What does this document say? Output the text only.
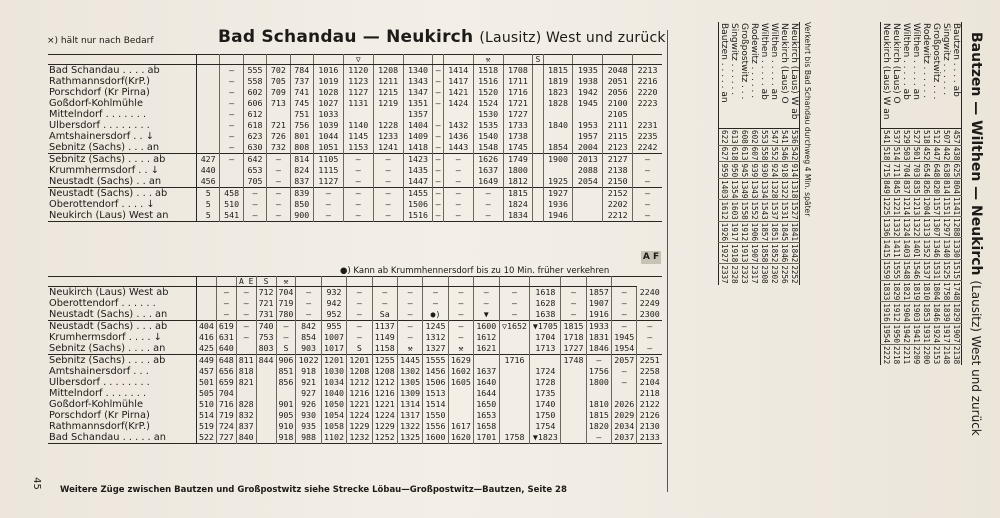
×) hält nur nach Bedarf	Bad Schandau — Neukirch (Lausitz) West und zurück
							▽					⚒		S				
Bad Schandau . . . . ab		—	555	702	784	1016	1120	1208	1340	—	1414	1518	1708		1815	1935	2048	2213
Rathmannsdorf(KrP.)		—	558	705	737	1019	1123	1211	1343	—	1417	1516	1711		1819	1938	2051	2216
Porschdorf (Kr Pirna)		—	602	709	741	1028	1127	1215	1347	—	1421	1520	1716		1823	1942	2056	2220
Goßdorf-Kohlmühle		—	606	713	745	1027	1131	1219	1351	—	1424	1524	1721		1828	1945	2100	2223
Mittelndorf . . . . . . .		—	612		751	1033			1357			1530	1727				2105	
Ulbersdorf . . . . . . . .		—	618	721	756	1039	1140	1228	1404	—	1432	1535	1733		1840	1953	2111	2231
Amtshainersdorf . . ↓		—	623	726	801	1044	1145	1233	1409	—	1436	1540	1738			1957	2115	2235
Sebnitz (Sachs) . . . an		—	630	732	808	1051	1153	1241	1418	—	1443	1548	1745		1854	2004	2123	2242
Sebnitz (Sachs) . . . . ab	427	—	642	—	814	1105	—	—	1423	—	—	1626	1749		1900	2013	2127	—
Krummhermsdorf . . ↓	440		653	—	824	1115	—	—	1435	—	—	1637	1800			2088	2138	—
Neustadt (Sachs) . . an	456		705	—	837	1127	—	—	1447	—	—	1649	1812		1925	2054	2150	—
Neustadt (Sachs) . . . ab	5	458	—	—	839	—	—	—	1455	—	—	—	1815		1927		2152	—
Oberottendorf . . . . ↓	5	510	—	—	850	—	—	—	1506	—	—	—	1824		1936		2202	—
Neukirch (Laus) West an	5	541	—	—	900	—	—	—	1516	—	—	—	1834		1946		2212	—
●) Kann ab Krummhennersdorf bis zu 10 Min. früher verkehren
A F
			A E	S	⚒														
Neukirch (Laus) West ab		—	—	712	704	—	932	—	—	—	—	—	—	—	1618	—	1857	—	2240
Oberottendorf . . . . . .		—	—	721	719	—	942	—	—	—	—	—	—	—	1628	—	1907	—	2249
Neustadt (Sachs) . . . an		—	—	731	780	—	952	—	Sa	—	●)	—	▼	—	1638	—	1916	—	2300
Neustadt (Sachs) . . . ab	404	619	—	740	—	842	955	—	1137	—	1245	—	1600	▽1652	▼1705	1815	1933	—	—
Krumhermsdorf . . . . ↓	416	631	—	753	—	854	1007	—	1149	—	1312	—	1612		1704	1718	1831	1945	—
Sebnitz (Sachs) . . . . an	425	640		803	S	903	1017	S	1158	⚒	1327	⚒	1621		1713	1727	1846	1954	—
Sebnitz (Sachs) . . . . ab	449	648	811	844	906	1022	1201	1201	1255	1445	1555	1629		1716		1748	—	2057	2251
Amtshainersdorf . . .	457	656	818		851	918	1030	1208	1208	1302	1456	1602	1637		1724		1756	—	2258
Ulbersdorf . . . . . . . .	501	659	821		856	921	1034	1212	1212	1305	1506	1605	1640		1728		1800	—	2104
Mittelndorf . . . . . . .	505	704				927	1040	1216	1216	1309	1513		1644		1735				2118
Goßdorf-Kohlmühle	510	716	828		901	926	1050	1221	1221	1314	1514		1650		1740		1810	2026	2122
Porschdorf (Kr Pirna)	514	719	832		905	930	1054	1224	1224	1317	1550		1653		1750		1815	2029	2126
Rathmannsdorf(KrP.)	519	724	837		910	935	1058	1229	1229	1322	1556	1617	1658		1754		1820	2034	2130
Bad Schandau . . . . . an	522	727	840		918	988	1102	1232	1252	1325	1600	1620	1701	1758	▼1823		—	2037	2133
Weitere Züge zwischen Bautzen und Großpostwitz siehe Strecke Löbau—Großpostwitz—Bautzen, Seite 28
45
Bautzen — Wilthen — Neukirch (Lausitz) West und zurück
Bautzen . . . . ab	457	438	625	804	1141	1288	1330	1515	1748	1829	1907	2138
Singwitz . . . . . .	507	442	638	814	1151	1297	1340	1525	1758	1839	1917	2148
Großpostwitz . . .	512	447	648	820	1157	1307	1346	1531	1804	1846	1924	2153
Rodewitz . . . . . .	518	452	654	826	1204	1313	1352	1537	1810	1853	1931	2200
Wilthen . . . . . an	527	501	703	835	1213	1322	1401	1546	1819	1903	1941	2209
Wilthen . . . . . ab	529	503	704	837	1214	1324	1403	1548	1821	1904	1942	2211
Neukirch (Laus) O	537	514	711	845	1221	1332	1411	1555	1829	1912	1950	2218
Neukirch (Laus) W an	541	518	715	849	1225	1336	1415	1559	1833	1916	1954	2222
Verkehrt bis Bad Schandau durchweg 4 Min. später
Neukirch (Laus) W ab	536	542	914	1318	1527	1841	1842	2252
Neukirch (Laus) O	541	546	918	1322	1531	1845	1846	2256
Wilthen . . . . . an	547	552	924	1328	1537	1851	1852	2302
Wilthen . . . . . ab	553	558	930	1334	1543	1857	1858	2308
Rodewitz . . . . . .	602	607	939	1343	1552	1906	1907	2317
Großpostwitz . . .	608	613	945	1349	1558	1912	1913	2323
Singwitz . . . . . .	613	618	950	1354	1603	1917	1918	2328
Bautzen . . . . . an	622	627	959	1403	1612	1926	1927	2337
